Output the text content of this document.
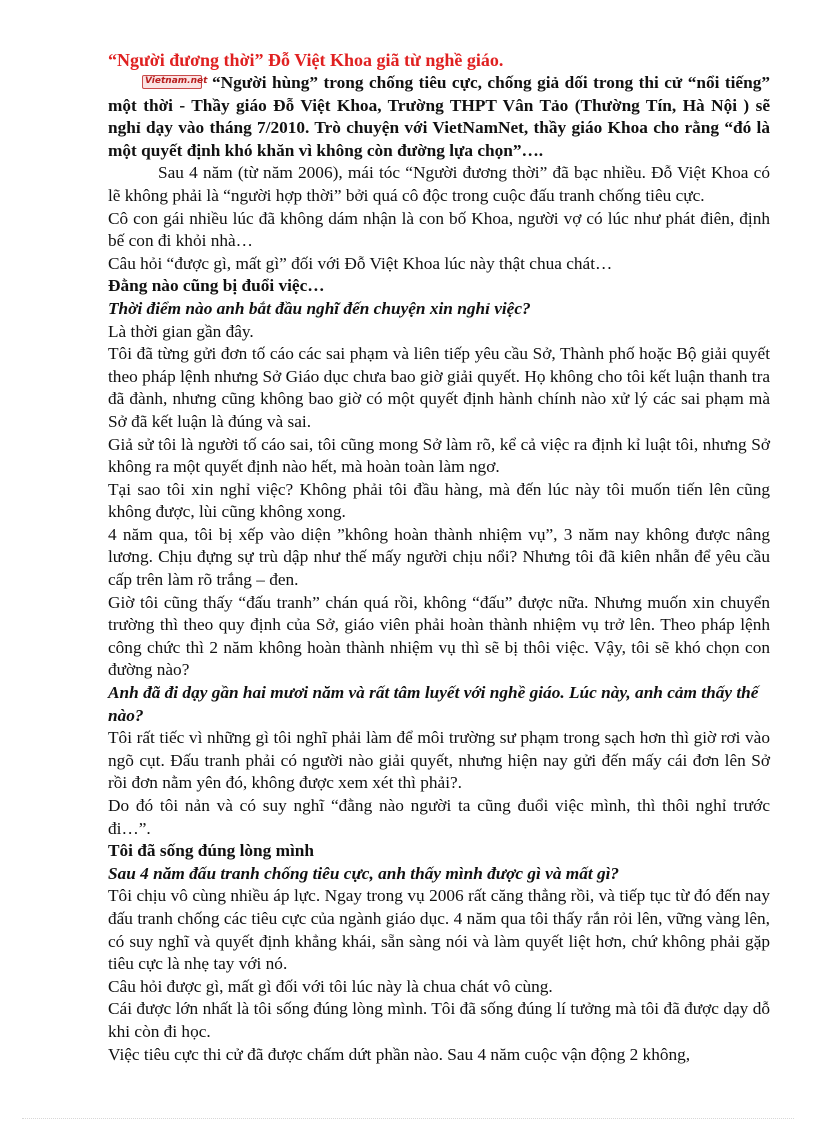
“Người đương thời” Đỗ Việt Khoa giã từ nghề giáo.

Vietnam.net “Người hùng” trong chống tiêu cực, chống giả dối trong thi cử “nổi tiếng” một thời - Thầy giáo Đỗ Việt Khoa, Trường THPT Vân Tảo (Thường Tín, Hà Nội ) sẽ nghỉ dạy vào tháng 7/2010. Trò chuyện với VietNamNet, thầy giáo Khoa cho rằng “đó là một quyết định khó khăn vì không còn đường lựa chọn”….

Sau 4 năm (từ năm 2006), mái tóc “Người đương thời” đã bạc nhiều. Đỗ Việt Khoa có lẽ không phải là “người hợp thời” bởi quá cô độc trong cuộc đấu tranh chống tiêu cực.

Cô con gái nhiều lúc đã không dám nhận là con bố Khoa, người vợ có lúc như phát điên, định bế con đi khỏi nhà…

Câu hỏi “được gì, mất gì” đối với Đỗ Việt Khoa lúc này thật chua chát…

Đằng nào cũng bị đuổi việc…

Thời điểm nào anh bắt đầu nghĩ đến chuyện xin nghỉ việc?

Là thời gian gần đây.

Tôi đã từng gửi đơn tố cáo các sai phạm và liên tiếp yêu cầu Sở, Thành phố hoặc Bộ giải quyết theo pháp lệnh nhưng Sở Giáo dục chưa bao giờ giải quyết. Họ không cho tôi kết luận thanh tra đã đành, nhưng cũng không bao giờ có một quyết định hành chính nào xử lý các sai phạm mà Sở đã kết luận là đúng và sai.

Giả sử tôi là người tố cáo sai, tôi cũng mong Sở làm rõ, kể cả việc ra định kỉ luật tôi, nhưng Sở không ra một quyết định nào hết, mà hoàn toàn làm ngơ.

Tại sao tôi xin nghỉ việc? Không phải tôi đầu hàng, mà đến lúc này tôi muốn tiến lên cũng không được, lùi cũng không xong.

4 năm qua, tôi bị xếp vào diện ”không hoàn thành nhiệm vụ”, 3 năm nay không được nâng lương. Chịu đựng sự trù dập như thế mấy người chịu nổi? Nhưng tôi đã kiên nhẫn để yêu cầu cấp trên làm rõ trắng – đen.

Giờ tôi cũng thấy “đấu tranh” chán quá rồi, không “đấu” được nữa. Nhưng muốn xin chuyển trường thì theo quy định của Sở, giáo viên phải hoàn thành nhiệm vụ trở lên. Theo pháp lệnh công chức thì 2 năm không hoàn thành nhiệm vụ thì sẽ bị thôi việc. Vậy, tôi sẽ khó chọn con đường nào?

Anh đã đi dạy gần hai mươi năm và rất tâm luyết với nghề giáo. Lúc này, anh cảm thấy thế nào?

Tôi rất tiếc vì những gì tôi nghĩ phải làm để môi trường sư phạm trong sạch hơn thì giờ rơi vào ngõ cụt. Đấu tranh phải có người nào giải quyết, nhưng hiện nay gửi đến mấy cái đơn lên Sở rồi đơn nằm yên đó, không được xem xét thì phải?.

Do đó tôi nản và có suy nghĩ “đằng nào người ta cũng đuổi việc mình, thì thôi nghỉ trước đi…”.

Tôi đã sống đúng lòng mình

Sau 4 năm đấu tranh chống tiêu cực, anh thấy mình được gì và mất gì?

Tôi chịu vô cùng nhiều áp lực. Ngay trong vụ 2006 rất căng thẳng rồi, và tiếp tục từ đó đến nay đấu tranh chống các tiêu cực của ngành giáo dục. 4 năm qua tôi thấy rắn rỏi lên, vững vàng lên, có suy nghĩ và quyết định khẳng khái, sẵn sàng nói và làm quyết liệt hơn, chứ không phải gặp tiêu cực là nhẹ tay với nó.

Câu hỏi được gì, mất gì đối với tôi lúc này là chua chát vô cùng.

Cái được lớn nhất là tôi sống đúng lòng mình. Tôi đã sống đúng lí tưởng mà tôi đã được dạy dỗ khi còn đi học.

Việc tiêu cực thi cử đã được chấm dứt phần nào. Sau 4 năm cuộc vận động 2 không,
